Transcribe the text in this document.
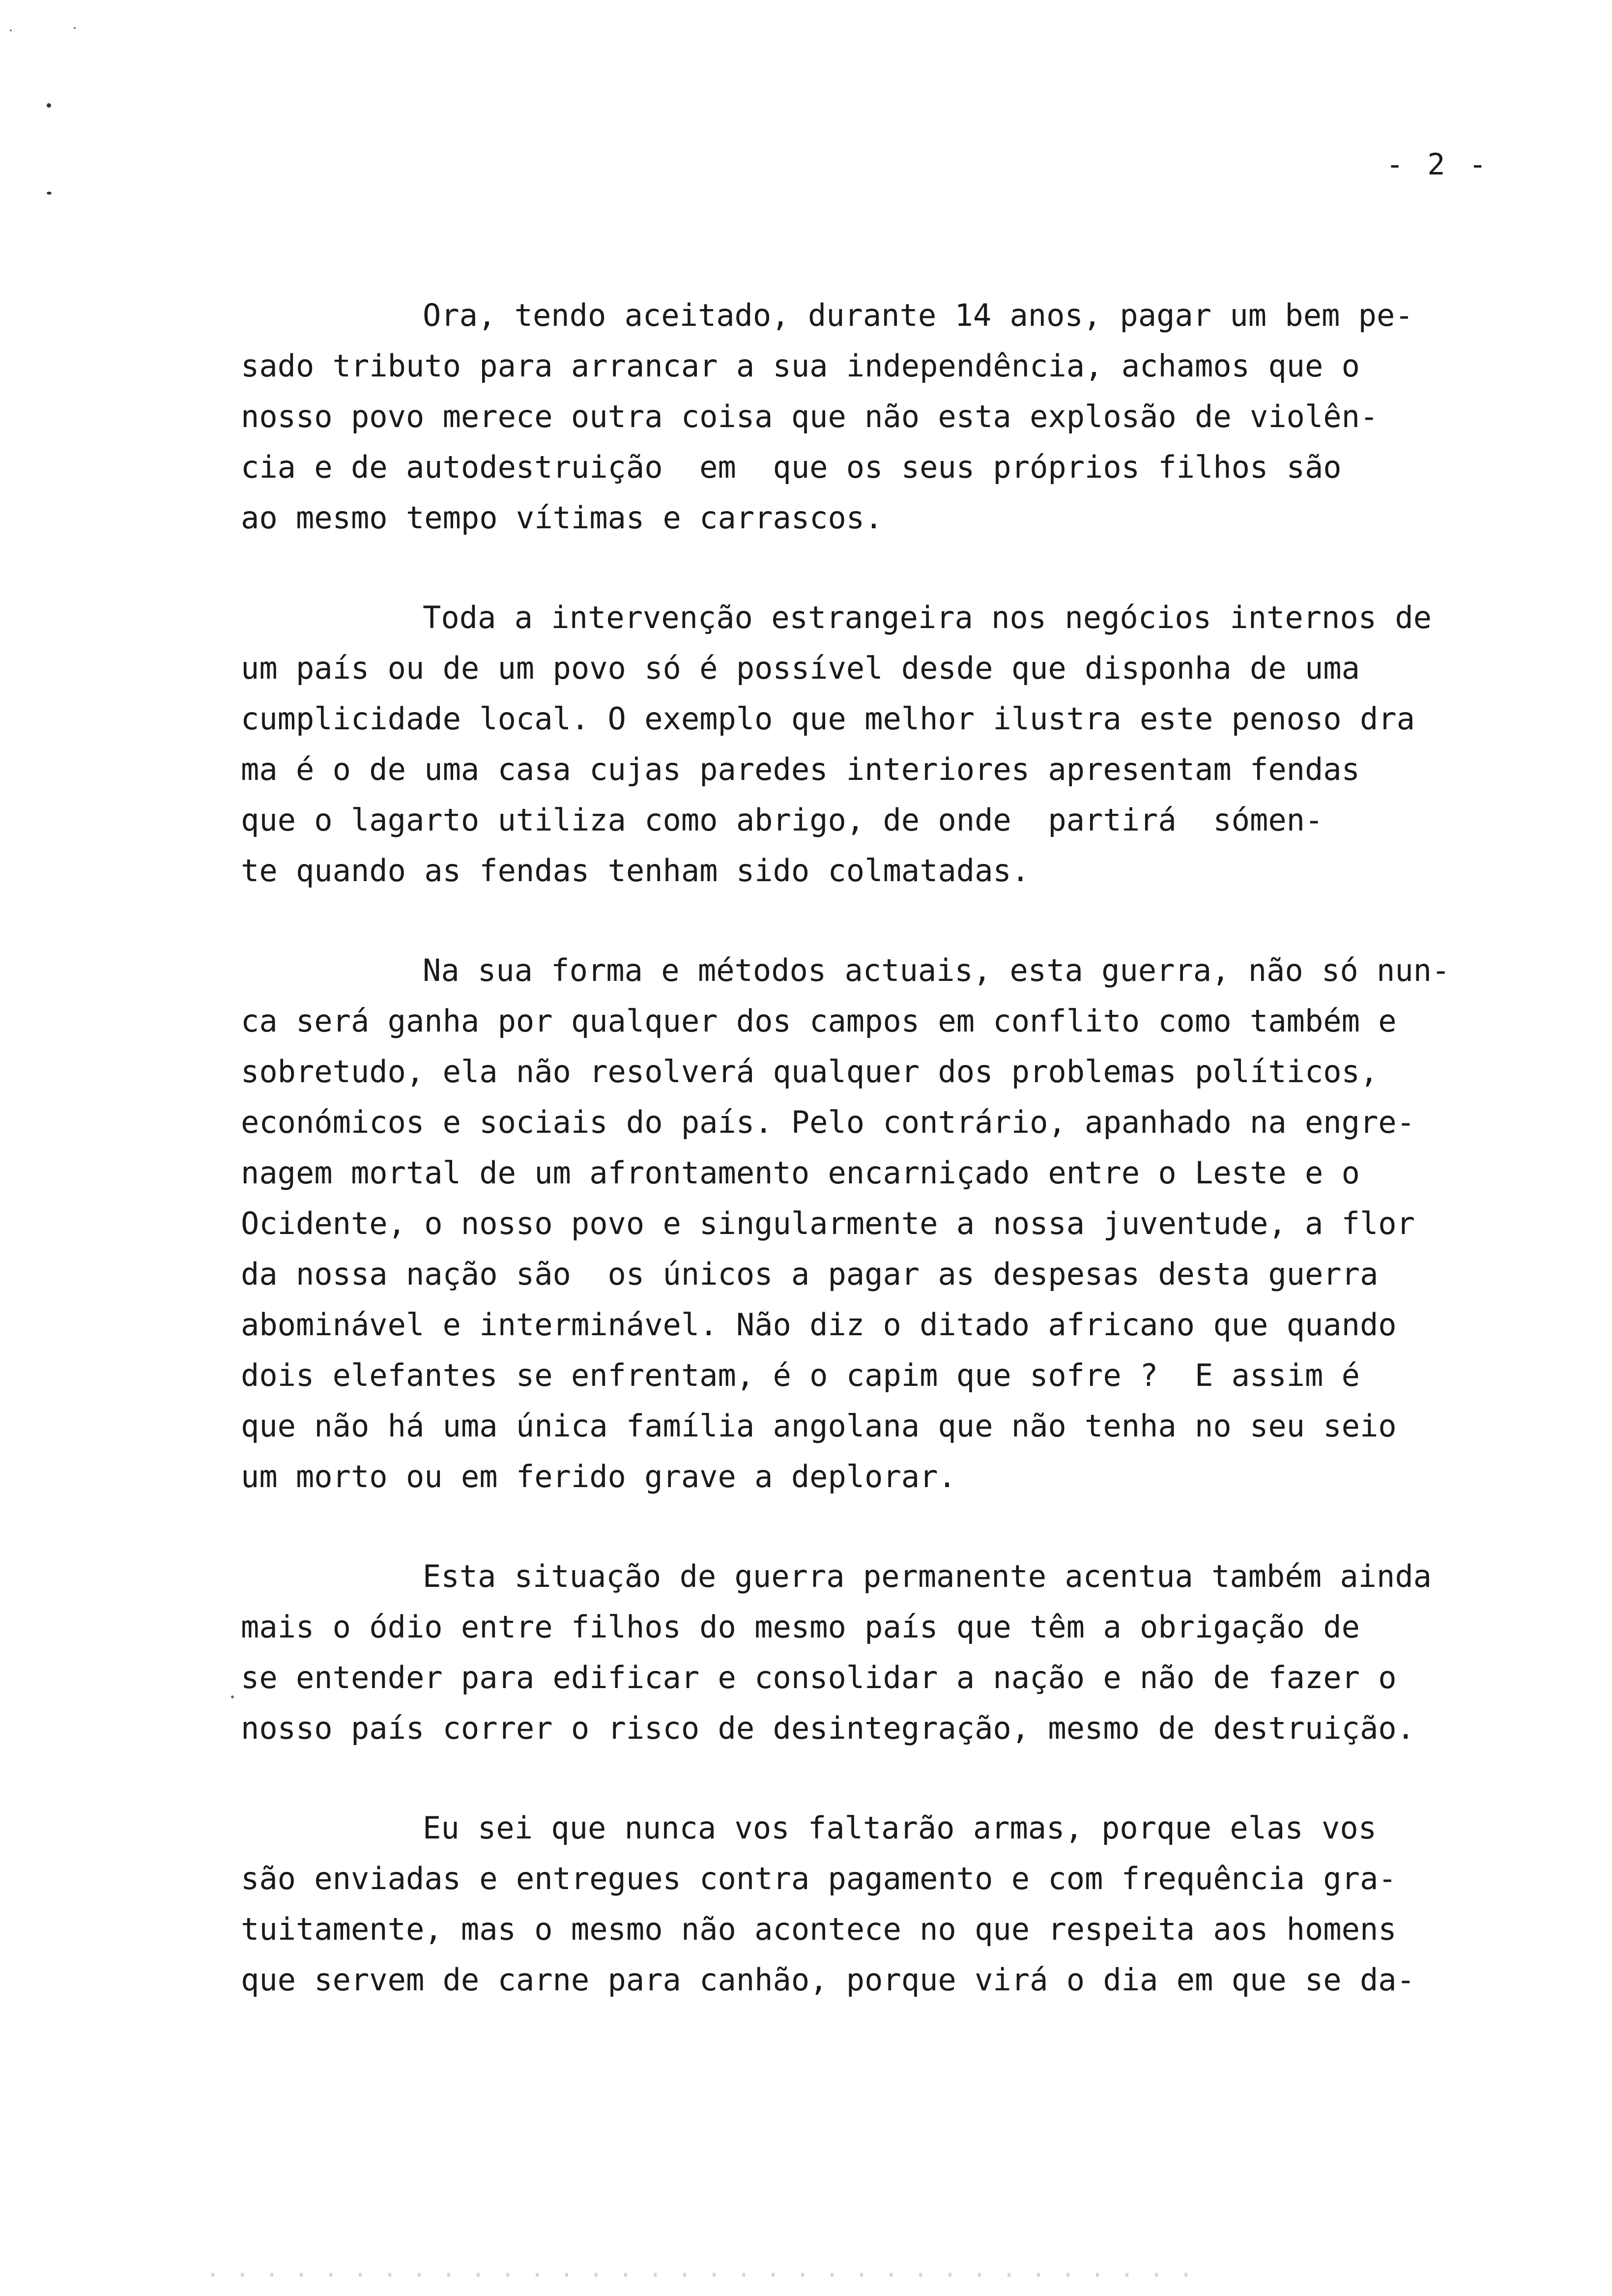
- 2 -
Ora, tendo aceitado, durante 14 anos, pagar um bem pe-
sado tributo para arrancar a sua independência, achamos que o
nosso povo merece outra coisa que não esta explosão de violên-
cia e de autodestruição  em  que os seus próprios filhos são
ao mesmo tempo vítimas e carrascos.
Toda a intervenção estrangeira nos negócios internos de
um país ou de um povo só é possível desde que disponha de uma
cumplicidade local. O exemplo que melhor ilustra este penoso dra
ma é o de uma casa cujas paredes interiores apresentam fendas
que o lagarto utiliza como abrigo, de onde  partirá  sómen-
te quando as fendas tenham sido colmatadas.
Na sua forma e métodos actuais, esta guerra, não só nun-
ca será ganha por qualquer dos campos em conflito como também e
sobretudo, ela não resolverá qualquer dos problemas políticos,
económicos e sociais do país. Pelo contrário, apanhado na engre-
nagem mortal de um afrontamento encarniçado entre o Leste e o
Ocidente, o nosso povo e singularmente a nossa juventude, a flor
da nossa nação são  os únicos a pagar as despesas desta guerra
abominável e interminável. Não diz o ditado africano que quando
dois elefantes se enfrentam, é o capim que sofre ?  E assim é
que não há uma única família angolana que não tenha no seu seio
um morto ou em ferido grave a deplorar.
Esta situação de guerra permanente acentua também ainda
mais o ódio entre filhos do mesmo país que têm a obrigação de
se entender para edificar e consolidar a nação e não de fazer o
nosso país correr o risco de desintegração, mesmo de destruição.
Eu sei que nunca vos faltarão armas, porque elas vos
são enviadas e entregues contra pagamento e com frequência gra-
tuitamente, mas o mesmo não acontece no que respeita aos homens
que servem de carne para canhão, porque virá o dia em que se da-
